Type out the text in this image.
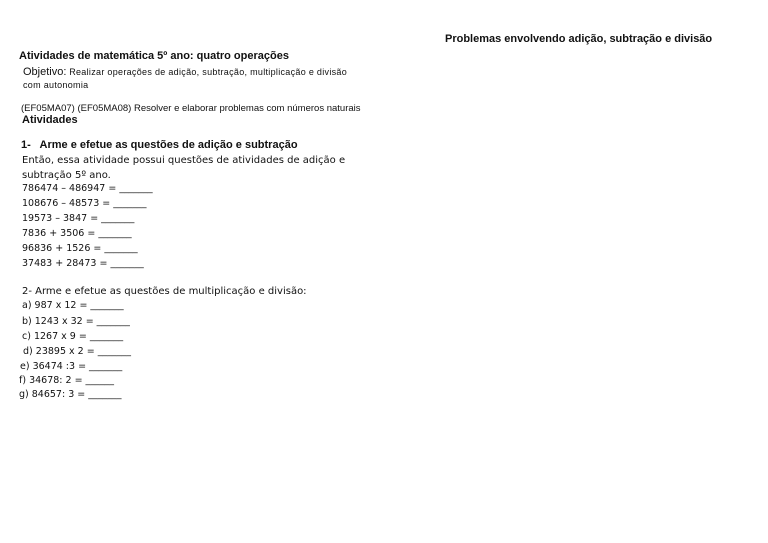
Problemas envolvendo adição, subtração e divisão
Atividades de matemática 5º ano: quatro operações
Objetivo: Realizar operações de adição, subtração, multiplicação e divisão
com autonomia
(EF05MA07) (EF05MA08) Resolver e elaborar problemas com números naturais
Atividades
1- Arme e efetue as questões de adição e subtração
Então, essa atividade possui questões de atividades de adição e subtração 5º ano.
786474 – 486947 = _______
108676 – 48573 = _______
19573 – 3847 = _______
7836 + 3506 = _______
96836 + 1526 = _______
37483 + 28473 = _______
2- Arme e efetue as questões de multiplicação e divisão:
a) 987 x 12 = _______
b) 1243 x 32 = _______
c) 1267 x 9 = _______
d) 23895 x 2 = _______
e) 36474 :3 = _______
f) 34678: 2 = ______
g) 84657: 3 = _______
